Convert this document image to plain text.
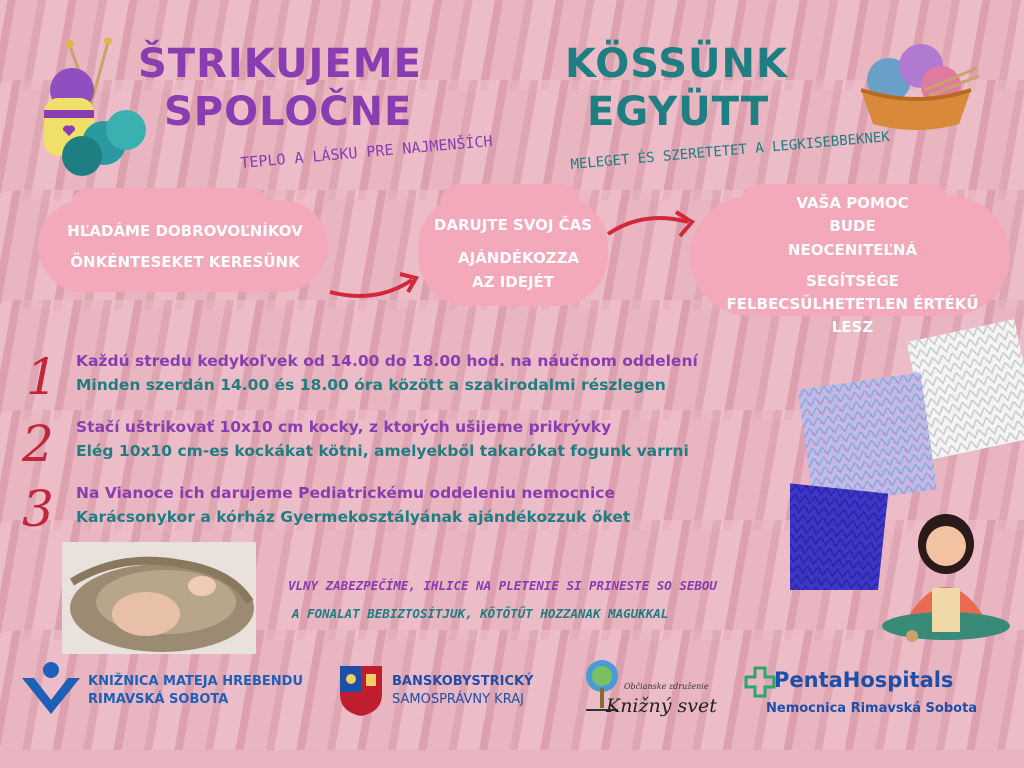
ŠTRIKUJEME
SPOLOČNE
TEPLO A LÁSKU PRE NAJMENŠÍCH
KÖSSÜNK
EGYÜTT
MELEGET ÉS SZERETETET A LEGKISEBBEKNEK
HĽADÁME DOBROVOĽNÍKOV
ÖNKÉNTESEKET KERESÜNK
DARUJTE SVOJ ČAS
AJÁNDÉKOZZA AZ IDEJÉT
VAŠA POMOC BUDE NEOCENITEĽNÁ
SEGÍTSÉGE FELBECSÜLHETETLEN ÉRTÉKŰ LESZ
1 Každú stredu kedykoľvek od 14.00 do 18.00 hod. na náučnom oddelení
Minden szerdán 14.00 és 18.00 óra között a szakirodalmi részlegen
2 Stačí uštrikovať 10x10 cm kocky, z ktorých ušijeme prikrývky
Elég 10x10 cm-es kockákat kötni, amelyekből takarókat fogunk varrni
3 Na Vianoce ich darujeme Pediatrickému oddeleniu nemocnice
Karácsonykor a kórház Gyermekosztályának ajándékozzuk őket
VLNY ZABEZPEČÍME, IHLICE NA PLETENIE SI PRINESTE SO SEBOU
A FONALAT BEBIZTOSÍTJUK, KÖTŐTŰT HOZZANAK MAGUKKAL
KNIŽNICA MATEJA HREBENDU
RIMAVSKÁ SOBOTA
BANSKOBYSTRICKÝ
SAMOSPRÁVNY KRAJ
Občianske združenie
Knižný svet
PentaHospitals
Nemocnica Rimavská Sobota
